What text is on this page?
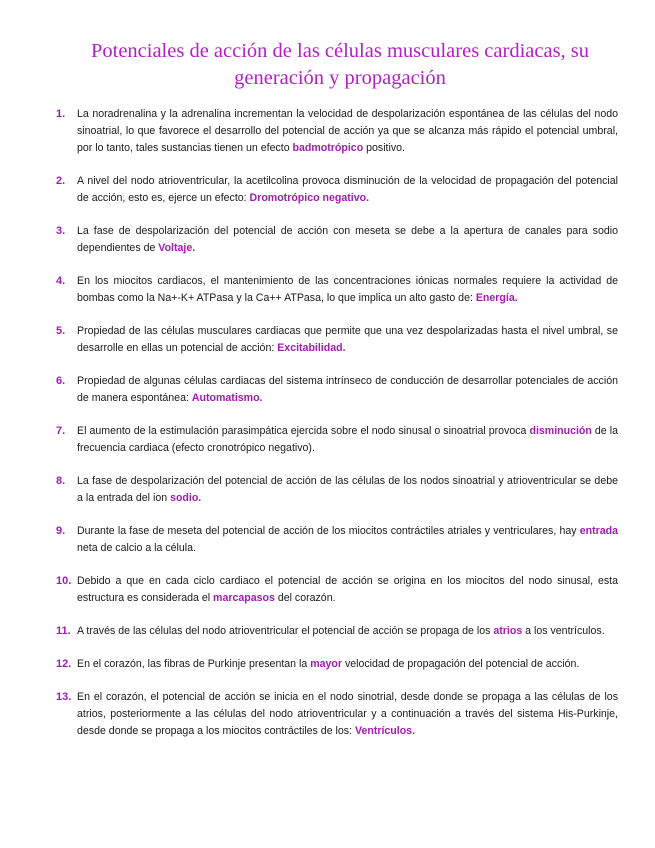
Potenciales de acción de las células musculares cardiacas, su generación y propagación
1. La noradrenalina y la adrenalina incrementan la velocidad de despolarización espontánea de las células del nodo sinoatrial, lo que favorece el desarrollo del potencial de acción ya que se alcanza más rápido el potencial umbral, por lo tanto, tales sustancias tienen un efecto badmotrópico positivo.
2. A nivel del nodo atrioventricular, la acetilcolina provoca disminución de la velocidad de propagación del potencial de acción, esto es, ejerce un efecto: Dromotrópico negativo.
3. La fase de despolarización del potencial de acción con meseta se debe a la apertura de canales para sodio dependientes de Voltaje.
4. En los miocitos cardiacos, el mantenimiento de las concentraciones iónicas normales requiere la actividad de bombas como la Na+-K+ ATPasa y la Ca++ ATPasa, lo que implica un alto gasto de: Energía.
5. Propiedad de las células musculares cardiacas que permite que una vez despolarizadas hasta el nivel umbral, se desarrolle en ellas un potencial de acción: Excitabilidad.
6. Propiedad de algunas células cardiacas del sistema intrínseco de conducción de desarrollar potenciales de acción de manera espontánea: Automatismo.
7. El aumento de la estimulación parasimpática ejercida sobre el nodo sinusal o sinoatrial provoca disminución de la frecuencia cardiaca (efecto cronotrópico negativo).
8. La fase de despolarización del potencial de acción de las células de los nodos sinoatrial y atrioventricular se debe a la entrada del ion sodio.
9. Durante la fase de meseta del potencial de acción de los miocitos contráctiles atriales y ventriculares, hay entrada neta de calcio a la célula.
10. Debido a que en cada ciclo cardiaco el potencial de acción se origina en los miocitos del nodo sinusal, esta estructura es considerada el marcapasos del corazón.
11. A través de las células del nodo atrioventricular el potencial de acción se propaga de los atrios a los ventrículos.
12. En el corazón, las fibras de Purkinje presentan la mayor velocidad de propagación del potencial de acción.
13. En el corazón, el potencial de acción se inicia en el nodo sinotrial, desde donde se propaga a las células de los atrios, posteriormente a las células del nodo atrioventricular y a continuación a través del sistema His-Purkinje, desde donde se propaga a los miocitos contráctiles de los: Ventrículos.
